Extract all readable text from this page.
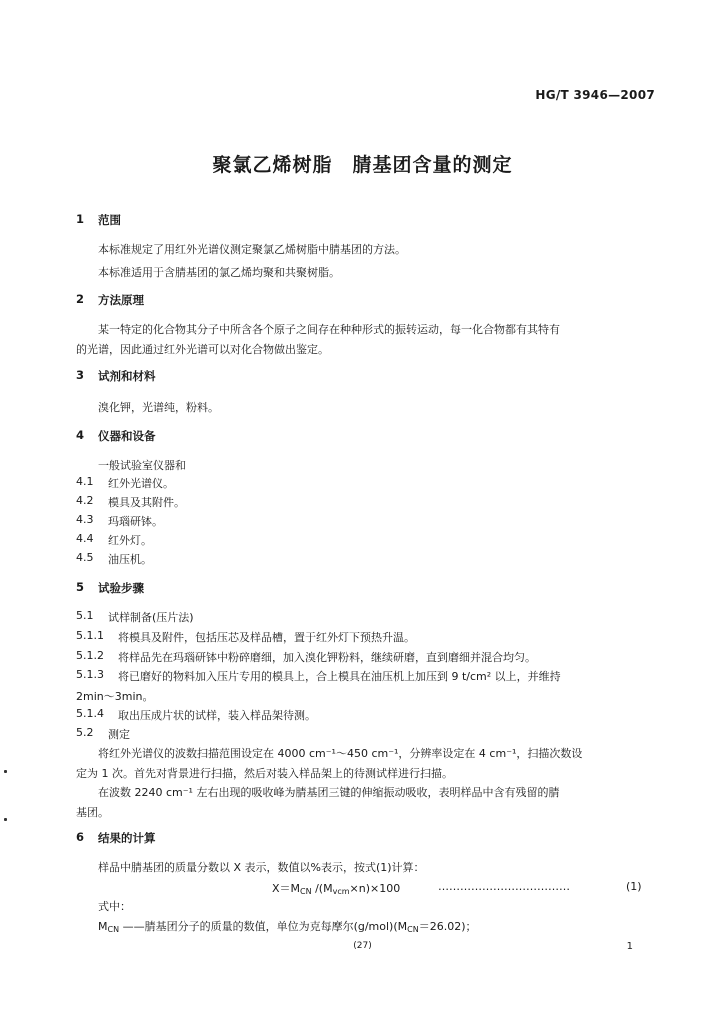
HG/T 3946—2007
聚氯乙烯树脂　腈基团含量的测定
1 范围
本标准规定了用红外光谱仪测定聚氯乙烯树脂中腈基团的方法。
本标准适用于含腈基团的氯乙烯均聚和共聚树脂。
2 方法原理
某一特定的化合物其分子中所含各个原子之间存在种种形式的振转运动，每一化合物都有其特有
的光谱，因此通过红外光谱可以对化合物做出鉴定。
3 试剂和材料
溴化钾，光谱纯，粉料。
4 仪器和设备
一般试验室仪器和
4.1 红外光谱仪。
4.2 模具及其附件。
4.3 玛瑙研钵。
4.4 红外灯。
4.5 油压机。
5 试验步骤
5.1 试样制备(压片法)
5.1.1 将模具及附件，包括压芯及样品槽，置于红外灯下预热升温。
5.1.2 将样品先在玛瑙研钵中粉碎磨细，加入溴化钾粉料，继续研磨，直到磨细并混合均匀。
5.1.3 将已磨好的物料加入压片专用的模具上，合上模具在油压机上加压到 9 t/cm² 以上，并维持
2min～3min。
5.1.4 取出压成片状的试样，装入样品架待测。
5.2 测定
将红外光谱仪的波数扫描范围设定在 4000 cm⁻¹～450 cm⁻¹，分辨率设定在 4 cm⁻¹，扫描次数设
定为 1 次。首先对背景进行扫描，然后对装入样品架上的待测试样进行扫描。
在波数 2240 cm⁻¹ 左右出现的吸收峰为腈基团三键的伸缩振动吸收，表明样品中含有残留的腈
基团。
6 结果的计算
样品中腈基团的质量分数以 X 表示，数值以%表示，按式(1)计算：
$X=M_{CN}$ $/(M_{vcm}\times n)\times 100$	………………………………	(1)
式中：
$M_{CN}$ ——腈基团分子的质量的数值，单位为克每摩尔$(g/mol)(M_{CN}=26.02)$；
(27)	1
